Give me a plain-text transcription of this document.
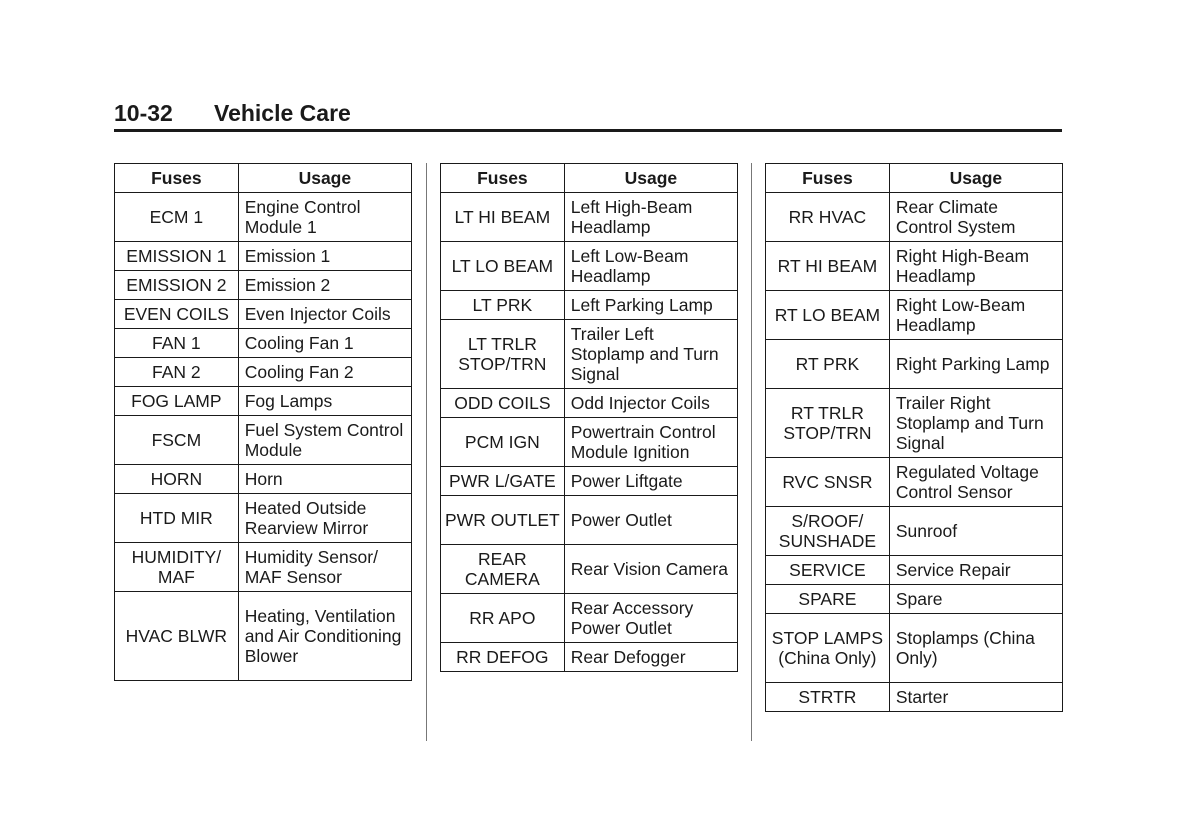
10-32 Vehicle Care
Fuses	Usage
ECM 1	Engine Control Module 1
EMISSION 1	Emission 1
EMISSION 2	Emission 2
EVEN COILS	Even Injector Coils
FAN 1	Cooling Fan 1
FAN 2	Cooling Fan 2
FOG LAMP	Fog Lamps
FSCM	Fuel System Control Module
HORN	Horn
HTD MIR	Heated Outside Rearview Mirror
HUMIDITY/ MAF	Humidity Sensor/ MAF Sensor
HVAC BLWR	Heating, Ventilation and Air Conditioning Blower
Fuses	Usage
LT HI BEAM	Left High-Beam Headlamp
LT LO BEAM	Left Low-Beam Headlamp
LT PRK	Left Parking Lamp
LT TRLR STOP/TRN	Trailer Left Stoplamp and Turn Signal
ODD COILS	Odd Injector Coils
PCM IGN	Powertrain Control Module Ignition
PWR L/GATE	Power Liftgate
PWR OUTLET	Power Outlet
REAR CAMERA	Rear Vision Camera
RR APO	Rear Accessory Power Outlet
RR DEFOG	Rear Defogger
Fuses	Usage
RR HVAC	Rear Climate Control System
RT HI BEAM	Right High-Beam Headlamp
RT LO BEAM	Right Low-Beam Headlamp
RT PRK	Right Parking Lamp
RT TRLR STOP/TRN	Trailer Right Stoplamp and Turn Signal
RVC SNSR	Regulated Voltage Control Sensor
S/ROOF/ SUNSHADE	Sunroof
SERVICE	Service Repair
SPARE	Spare
STOP LAMPS (China Only)	Stoplamps (China Only)
STRTR	Starter
